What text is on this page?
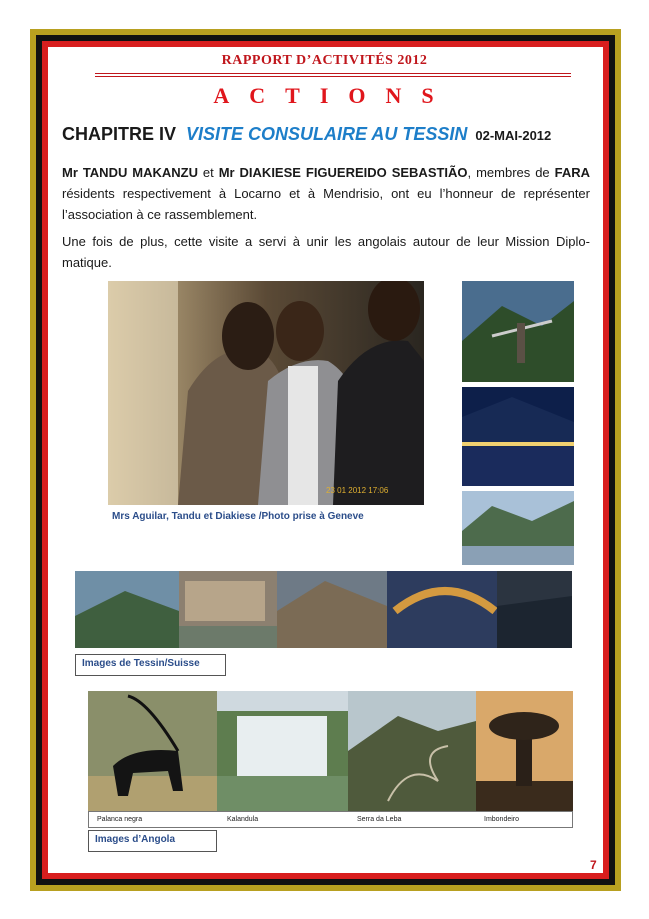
RAPPORT D’ACTIVITÉS 2012
ACTIONS
CHAPITRE IV VISITE CONSULAIRE AU TESSIN 02-MAI-2012
Mr TANDU MAKANZU et Mr DIAKIESE FIGUEREIDO SEBASTIÃO, membres de FARA résidents respectivement à Locarno et à Mendrisio, ont eu l’honneur de représenter l’association à ce rassemblement.
Une fois de plus, cette visite a servi à unir les angolais autour de leur Mission Diplo-matique.
23 01 2012 17:06
Mrs Aguilar, Tandu et Diakiese /Photo prise à Geneve
Images de Tessin/Suisse
Palanca negra	Kalandula	Serra da Leba	Imbondeiro
Images d’Angola
7
